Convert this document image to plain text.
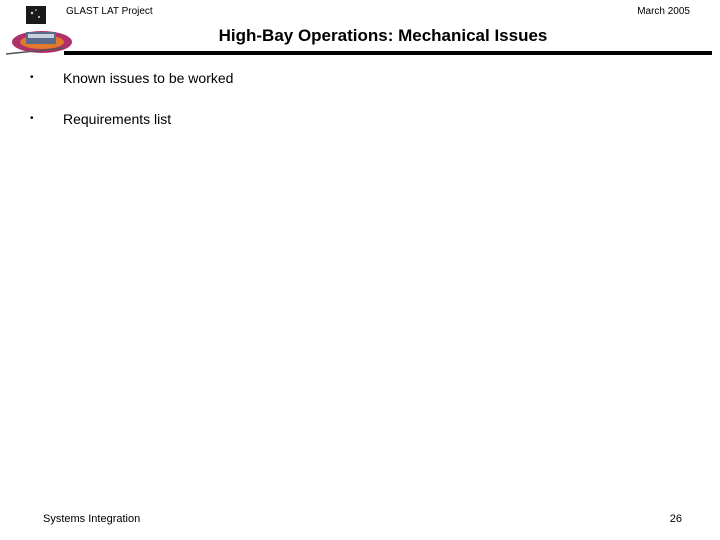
GLAST LAT Project	March 2005
High-Bay Operations: Mechanical Issues
•	Known issues to be worked
•	Requirements list
Systems Integration	26
